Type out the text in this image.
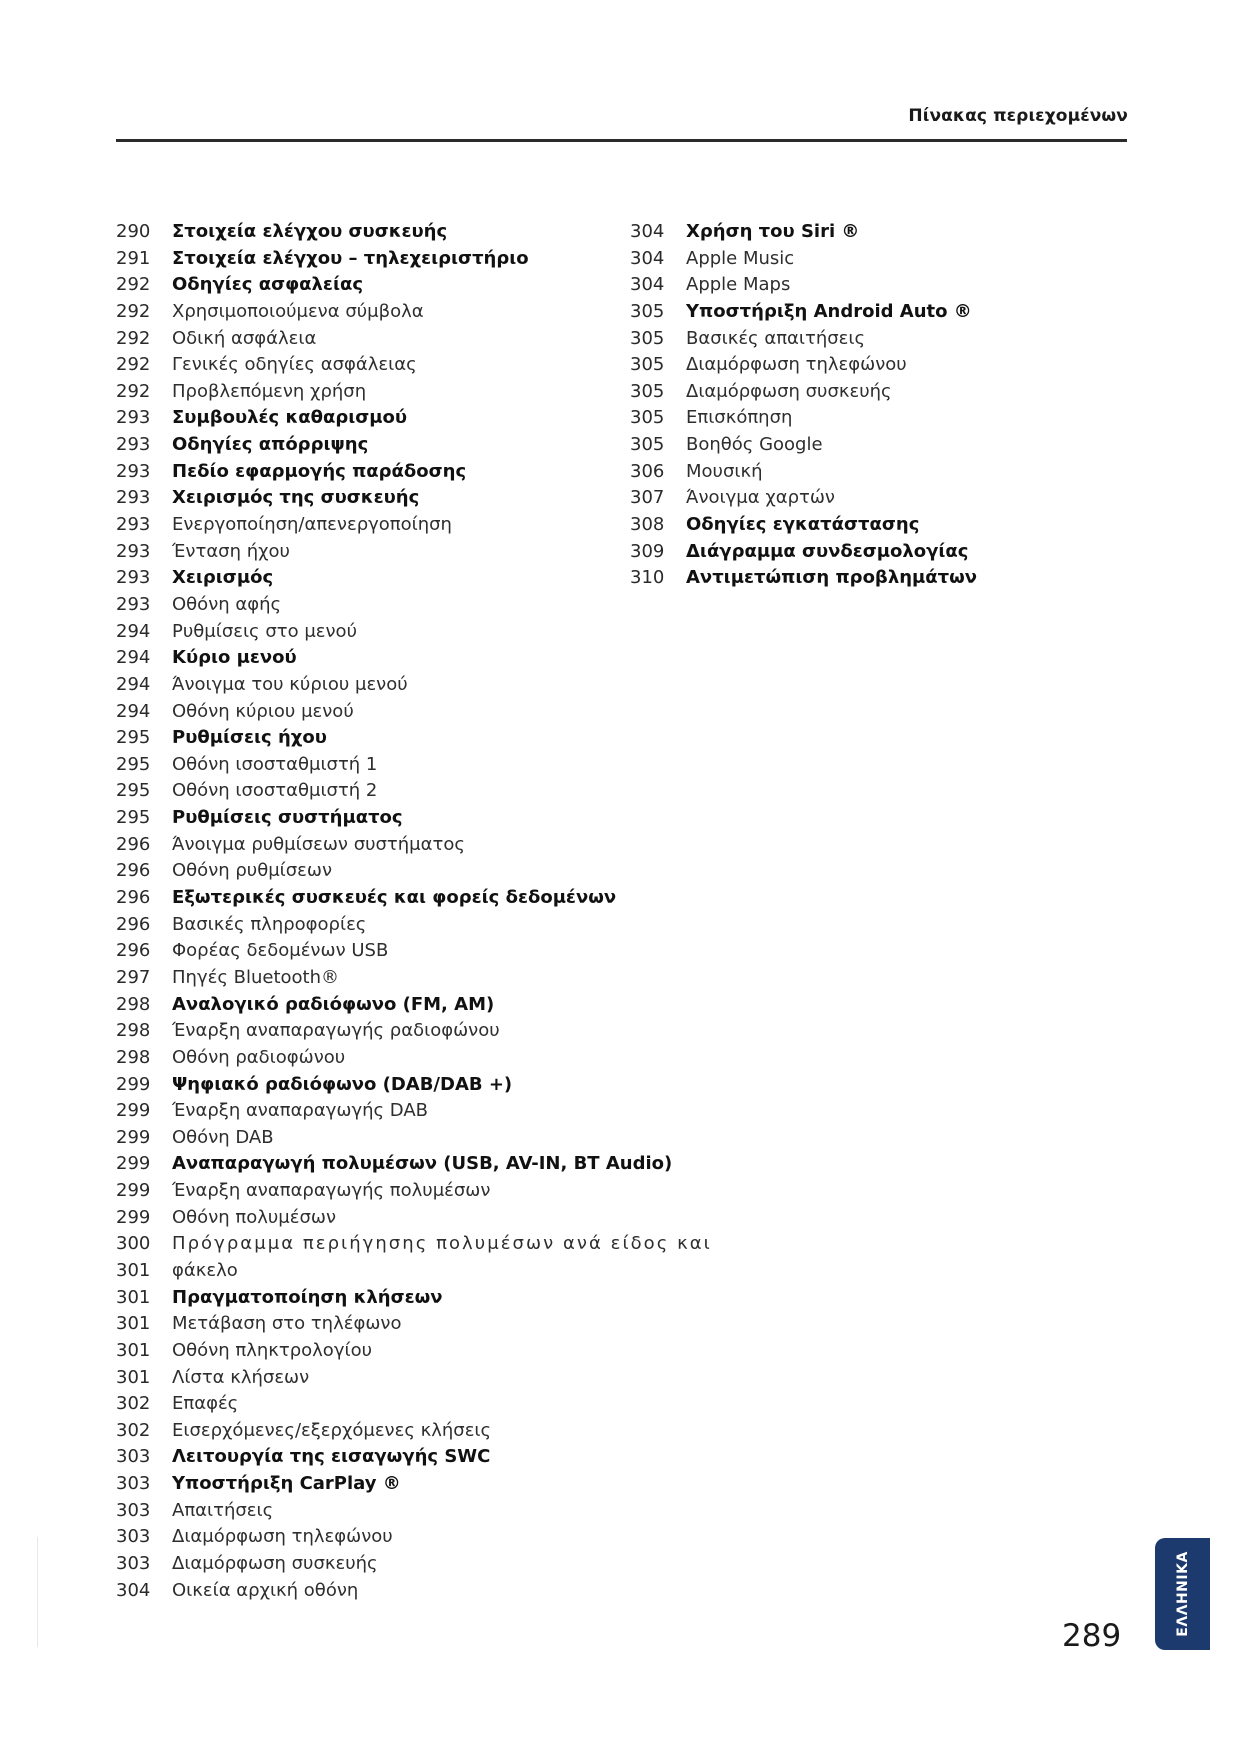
Πίνακας περιεχομένων
290	Στοιχεία ελέγχου συσκευής
291	Στοιχεία ελέγχου – τηλεχειριστήριο
292	Οδηγίες ασφαλείας
292	Χρησιμοποιούμενα σύμβολα
292	Οδική ασφάλεια
292	Γενικές οδηγίες ασφάλειας
292	Προβλεπόμενη χρήση
293	Συμβουλές καθαρισμού
293	Οδηγίες απόρριψης
293	Πεδίο εφαρμογής παράδοσης
293	Χειρισμός της συσκευής
293	Ενεργοποίηση/απενεργοποίηση
293	Ένταση ήχου
293	Χειρισμός
293	Οθόνη αφής
294	Ρυθμίσεις στο μενού
294	Κύριο μενού
294	Άνοιγμα του κύριου μενού
294	Οθόνη κύριου μενού
295	Ρυθμίσεις ήχου
295	Οθόνη ισοσταθμιστή 1
295	Οθόνη ισοσταθμιστή 2
295	Ρυθμίσεις συστήματος
296	Άνοιγμα ρυθμίσεων συστήματος
296	Οθόνη ρυθμίσεων
296	Εξωτερικές συσκευές και φορείς δεδομένων
296	Βασικές πληροφορίες
296	Φορέας δεδομένων USB
297	Πηγές Bluetooth®
298	Αναλογικό ραδιόφωνο (FM, AM)
298	Έναρξη αναπαραγωγής ραδιοφώνου
298	Οθόνη ραδιοφώνου
299	Ψηφιακό ραδιόφωνο (DAB/DAB +)
299	Έναρξη αναπαραγωγής DAB
299	Οθόνη DAB
299	Αναπαραγωγή πολυμέσων (USB, AV-IN, BT Audio)
299	Έναρξη αναπαραγωγής πολυμέσων
299	Οθόνη πολυμέσων
300	Πρόγραμμα περιήγησης πολυμέσων ανά είδος και
301	φάκελο
301	Πραγματοποίηση κλήσεων
301	Μετάβαση στο τηλέφωνο
301	Οθόνη πληκτρολογίου
301	Λίστα κλήσεων
302	Επαφές
302	Εισερχόμενες/εξερχόμενες κλήσεις
303	Λειτουργία της εισαγωγής SWC
303	Υποστήριξη CarPlay ®
303	Απαιτήσεις
303	Διαμόρφωση τηλεφώνου
303	Διαμόρφωση συσκευής
304	Οικεία αρχική οθόνη
304	Χρήση του Siri ®
304	Apple Music
304	Apple Maps
305	Υποστήριξη Android Auto ®
305	Βασικές απαιτήσεις
305	Διαμόρφωση τηλεφώνου
305	Διαμόρφωση συσκευής
305	Επισκόπηση
305	Βοηθός Google
306	Μουσική
307	Άνοιγμα χαρτών
308	Οδηγίες εγκατάστασης
309	Διάγραμμα συνδεσμολογίας
310	Αντιμετώπιση προβλημάτων
ΕΛΛΗΝΙΚΑ
289
